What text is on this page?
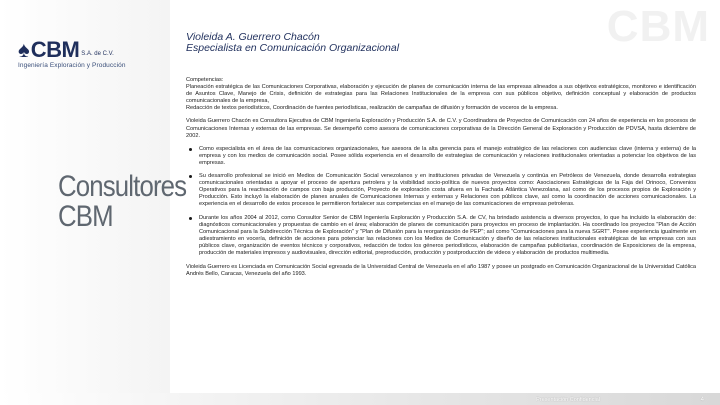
CBM
♠ CBM S.A. de C.V.
Ingeniería Exploración y Producción
Consultores
CBM
Violeida A. Guerrero Chacón
Especialista en Comunicación Organizacional

Competencias:

Planeación estratégica de las Comunicaciones Corporativas, elaboración y ejecución de planes de comunicación interna de las empresas alineados a sus objetivos estratégicos, monitoreo e identificación de Asuntos Clave, Manejo de Crisis, definición de estrategias para las Relaciones Institucionales de la empresa con sus públicos objetivo, definición conceptual y elaboración de productos comunicacionales de la empresa,

Redacción de textos periodísticos, Coordinación de fuentes periodísticas, realización de campañas de difusión y formación de voceros de la empresa.

Violeida Guerrero Chacón es Consultora Ejecutiva de CBM Ingeniería Exploración y Producción S.A. de C.V. y Coordinadora de Proyectos de Comunicación con 24 años de experiencia en los procesos de Comunicaciones Internas y externas de las empresas. Se desempeñó como asesora de comunicaciones corporativas de la Dirección General de Exploración y Producción de PDVSA, hasta diciembre de 2002.

Como especialista en el área de las comunicaciones organizacionales, fue asesora de la alta gerencia para el manejo estratégico de las relaciones con audiencias clave (interna y externa) de la empresa y con los medios de comunicación social. Posee sólida experiencia en el desarrollo de estrategias de comunicación y relaciones institucionales orientadas a potenciar los objetivos de las empresas.

Su desarrollo profesional se inició en Medios de Comunicación Social venezolanos y en instituciones privadas de Venezuela y continúa en Petróleos de Venezuela, donde desarrolla estrategias comunicacionales orientadas a apoyar el proceso de apertura petrolera y la visibilidad socio-política de nuevos proyectos como: Asociaciones Estratégicas de la Faja del Orinoco, Convenios Operativos para la reactivación de campos con baja producción, Proyecto de exploración costa afuera en la Fachada Atlántica Venezolana, así como de los procesos propios de Exploración y Producción. Esto incluyó la elaboración de planes anuales de Comunicaciones Internas y externas y Relaciones con públicos clave, así como la coordinación de acciones comunicacionales. La experiencia en el desarrollo de estos procesos le permitieron fortalecer sus competencias en el manejo de las comunicaciones de empresas petroleras.

Durante los años 2004 al 2012, como Consultor Senior de CBM Ingeniería Exploración y Producción S.A. de CV, ha brindado asistencia a diversos proyectos, lo que ha incluido la elaboración de: diagnósticos comunicacionales y propuestas de cambio en el área; elaboración de planes de comunicación para proyectos en proceso de implantación. Ha coordinado los proyectos "Plan de Acción Comunicacional para la Subdirección Técnica de Exploración" y "Plan de Difusión para la reorganización de PEP"; así como "Comunicaciones para la nueva SGRT". Posee experiencia igualmente en adiestramiento en vocería, definición de acciones para potenciar las relaciones con los Medios de Comunicación y diseño de las relaciones institucionales estratégicas de las empresas con sus públicos clave, organización de eventos técnicos y corporativos, redacción de todos los géneros periodísticos, elaboración de campañas publicitarias, coordinación de Exposiciones de la empresa, producción de materiales impresos y audiovisuales, dirección editorial, preproducción, producción y postproducción de videos y elaboración de productos multimedia.

Violeida Guerrero es Licenciada en Comunicación Social egresada de la Universidad Central de Venezuela en el año 1987 y posee un postgrado en Comunicación Organizacional de la Universidad Católica Andrés Bello, Caracas, Venezuela del año 1993.

Presentación Confidencial	4
